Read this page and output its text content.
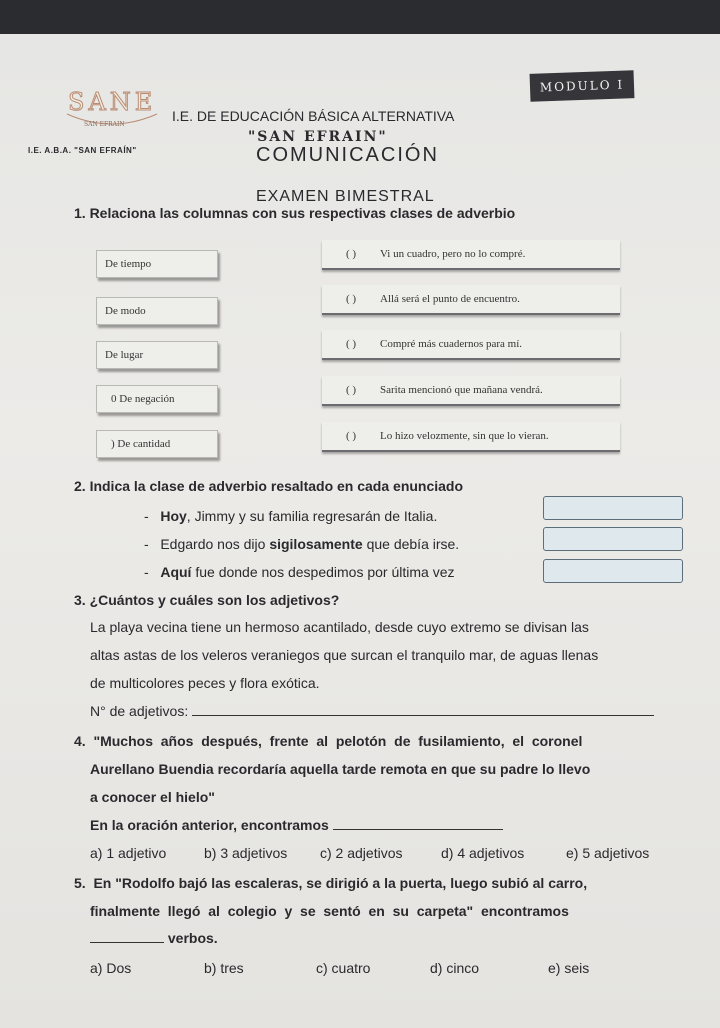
SANE
SAN EFRAIN
I.E. A.B.A. "SAN EFRAÍN"
MODULO I
I.E. DE EDUCACIÓN BÁSICA ALTERNATIVA
"SAN EFRAIN"
COMUNICACIÓN
EXAMEN BIMESTRAL
1. Relaciona las columnas con sus respectivas clases de adverbio
De tiempo
De modo
De lugar
0 De negación
) De cantidad
( )	Vi un cuadro, pero no lo compré.
( )	Allá será el punto de encuentro.
( )	Compré más cuadernos para mí.
( )	Sarita mencionó que mañana vendrá.
( )	Lo hizo velozmente, sin que lo vieran.
2. Indica la clase de adverbio resaltado en cada enunciado
- Hoy, Jimmy y su familia regresarán de Italia.
- Edgardo nos dijo sigilosamente que debía irse.
- Aquí fue donde nos despedimos por última vez
3. ¿Cuántos y cuáles son los adjetivos?
La playa vecina tiene un hermoso acantilado, desde cuyo extremo se divisan las
altas astas de los veleros veraniegos que surcan el tranquilo mar, de aguas llenas
de multicolores peces y flora exótica.
N° de adjetivos:
4.  "Muchos  años  después,  frente  al  pelotón  de  fusilamiento,  el  coronel
Aurellano Buendia recordaría aquella tarde remota en que su padre lo llevo
a conocer el hielo"
En la oración anterior, encontramos
a) 1 adjetivo	b) 3 adjetivos c) 2 adjetivos	d) 4 adjetivos	e) 5 adjetivos
5.  En "Rodolfo bajó las escaleras, se dirigió a la puerta, luego subió al carro,
finalmente  llegó  al  colegio  y  se  sentó  en  su  carpeta"  encontramos
verbos.
a) Dos	b) tres	c) cuatro	d) cinco	e) seis
